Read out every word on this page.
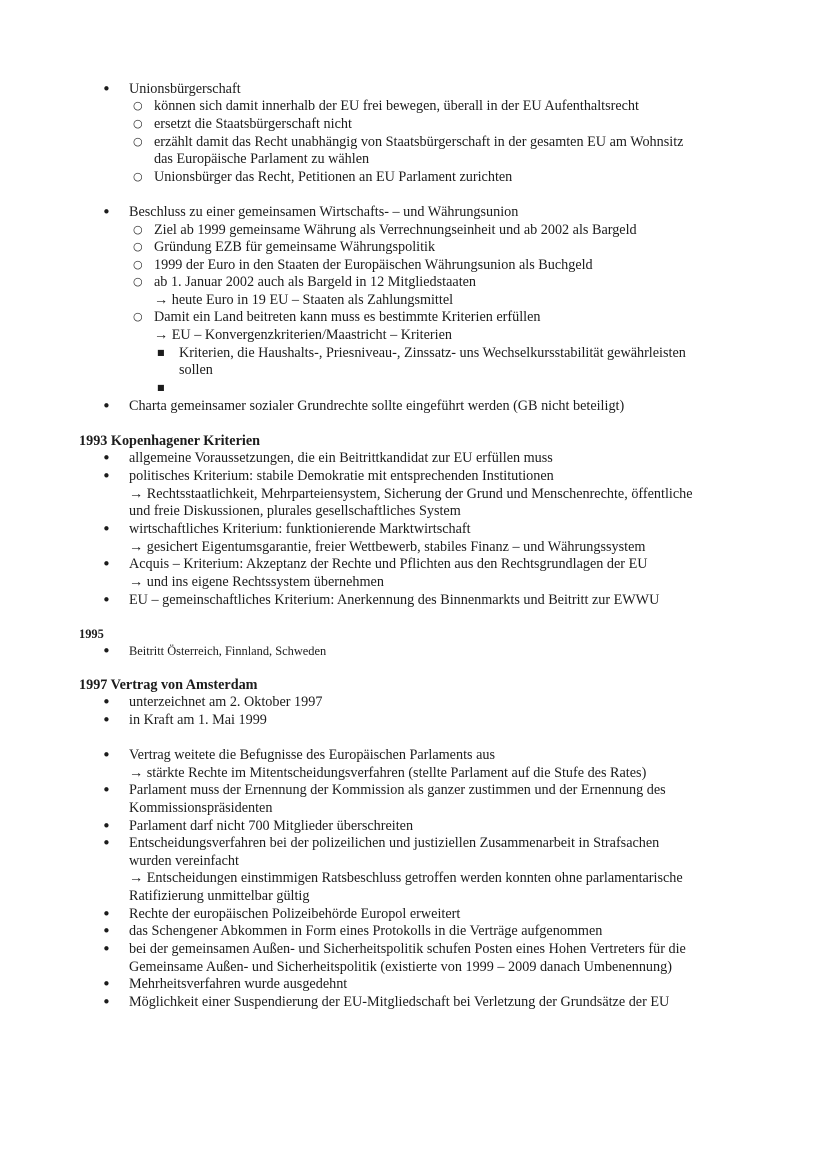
• Unionsbürgerschaft
○ können sich damit innerhalb der EU frei bewegen, überall in der EU Aufenthaltsrecht
○ ersetzt die Staatsbürgerschaft nicht
○ erzählt damit das Recht unabhängig von Staatsbürgerschaft in der gesamten EU am Wohnsitz
das Europäische Parlament zu wählen
○ Unionsbürger das Recht, Petitionen an EU Parlament zurichten
• Beschluss zu einer gemeinsamen Wirtschafts- – und Währungsunion
○ Ziel ab 1999 gemeinsame Währung als Verrechnungseinheit und ab 2002 als Bargeld
○ Gründung EZB für gemeinsame Währungspolitik
○ 1999 der Euro in den Staaten der Europäischen Währungsunion als Buchgeld
○ ab 1. Januar 2002 auch als Bargeld in 12 Mitgliedstaaten
→ heute Euro in 19 EU – Staaten als Zahlungsmittel
○ Damit ein Land beitreten kann muss es bestimmte Kriterien erfüllen
→ EU – Konvergenzkriterien/Maastricht – Kriterien
■ Kriterien, die Haushalts-, Priesniveau-, Zinssatz- uns Wechselkursstabilität gewährleisten
sollen
■
• Charta gemeinsamer sozialer Grundrechte sollte eingeführt werden (GB nicht beteiligt)
1993 Kopenhagener Kriterien
• allgemeine Voraussetzungen, die ein Beitrittkandidat zur EU erfüllen muss
• politisches Kriterium: stabile Demokratie mit entsprechenden Institutionen
→ Rechtsstaatlichkeit, Mehrparteiensystem, Sicherung der Grund und Menschenrechte, öffentliche
und freie Diskussionen, plurales gesellschaftliches System
• wirtschaftliches Kriterium: funktionierende Marktwirtschaft
→ gesichert Eigentumsgarantie, freier Wettbewerb, stabiles Finanz – und Währungssystem
• Acquis – Kriterium: Akzeptanz der Rechte und Pflichten aus den Rechtsgrundlagen der EU
→ und ins eigene Rechtssystem übernehmen
• EU – gemeinschaftliches Kriterium: Anerkennung des Binnenmarkts und Beitritt zur EWWU
1995
• Beitritt Österreich, Finnland, Schweden
1997 Vertrag von Amsterdam
• unterzeichnet am 2. Oktober 1997
• in Kraft am 1. Mai 1999
• Vertrag weitete die Befugnisse des Europäischen Parlaments aus
→ stärkte Rechte im Mitentscheidungsverfahren (stellte Parlament auf die Stufe des Rates)
• Parlament muss der Ernennung der Kommission als ganzer zustimmen und der Ernennung des
Kommissionspräsidenten
• Parlament darf nicht 700 Mitglieder überschreiten
• Entscheidungsverfahren bei der polizeilichen und justiziellen Zusammenarbeit in Strafsachen
wurden vereinfacht
→ Entscheidungen einstimmigen Ratsbeschluss getroffen werden konnten ohne parlamentarische
Ratifizierung unmittelbar gültig
• Rechte der europäischen Polizeibehörde Europol erweitert
• das Schengener Abkommen in Form eines Protokolls in die Verträge aufgenommen
• bei der gemeinsamen Außen- und Sicherheitspolitik schufen Posten eines Hohen Vertreters für die
Gemeinsame Außen- und Sicherheitspolitik (existierte von 1999 – 2009 danach Umbenennung)
• Mehrheitsverfahren wurde ausgedehnt
• Möglichkeit einer Suspendierung der EU-Mitgliedschaft bei Verletzung der Grundsätze der EU
